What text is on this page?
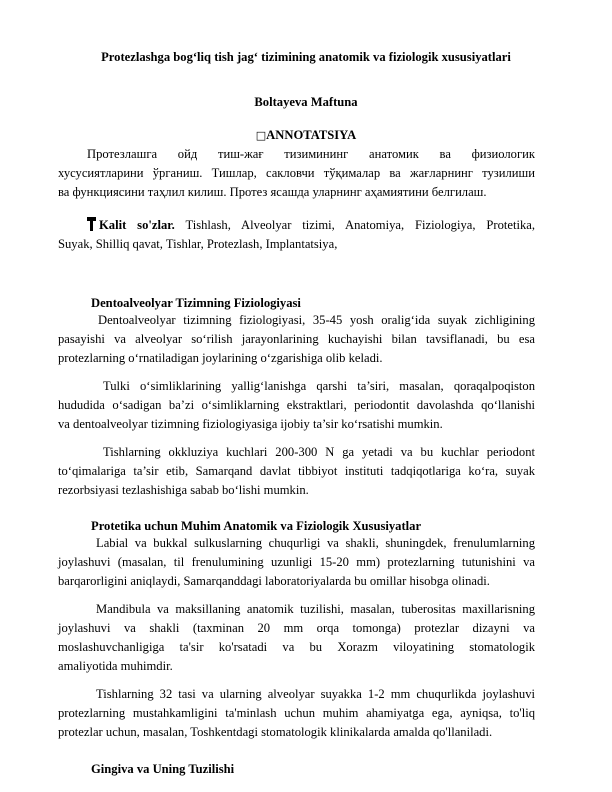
Protezlashga bog‘liq tish jag‘ tizimining anatomik va fiziologik xususiyatlari
Boltayeva Maftuna
□ANNOTATSIYA
Протезлашга ойд тиш-жағ тизимининг анатомик ва физиологик
хусусиятларини ўрганиш. Тишлар, сакловчи тўқималар ва жағларнинг тузилиши
ва функциясини таҳлил килиш. Протез ясашда уларнинг аҳамиятини белгилаш.
Kalit so'zlar. Tishlash, Alveolyar tizimi, Anatomiya, Fiziologiya, Protetika,
Suyak, Shilliq qavat, Tishlar, Protezlash, Implantatsiya,
Dentoalveolyar Tizimning Fiziologiyasi
Dentoalveolyar tizimning fiziologiyasi, 35-45 yosh oralig‘ida suyak zichligining
pasayishi va alveolyar so‘rilish jarayonlarining kuchayishi bilan tavsiflanadi, bu esa
protezlarning o‘rnatiladigan joylarining o‘zgarishiga olib keladi.
Tulki o‘simliklarining yallig‘lanishga qarshi ta’siri, masalan, qoraqalpoqiston
hududida o‘sadigan ba’zi o‘simliklarning ekstraktlari, periodontit davolashda qo‘llanishi
va dentoalveolyar tizimning fiziologiyasiga ijobiy ta’sir ko‘rsatishi mumkin.
Tishlarning okkluziya kuchlari 200-300 N ga yetadi va bu kuchlar periodont
to‘qimalariga ta’sir etib, Samarqand davlat tibbiyot instituti tadqiqotlariga ko‘ra, suyak
rezorbsiyasi tezlashishiga sabab bo‘lishi mumkin.
Protetika uchun Muhim Anatomik va Fiziologik Xususiyatlar
Labial va bukkal sulkuslarning chuqurligi va shakli, shuningdek, frenulumlarning
joylashuvi (masalan, til frenulumining uzunligi 15-20 mm) protezlarning tutunishini va
barqarorligini aniqlaydi, Samarqanddagi laboratoriyalarda bu omillar hisobga olinadi.
Mandibula va maksillaning anatomik tuzilishi, masalan, tuberositas maxillarisning
joylashuvi va shakli (taxminan 20 mm orqa tomonga) protezlar dizayni va
moslashuvchanligiga ta'sir ko'rsatadi va bu Xorazm viloyatining stomatologik
amaliyotida muhimdir.
Tishlarning 32 tasi va ularning alveolyar suyakka 1-2 mm chuqurlikda joylashuvi
protezlarning mustahkamligini ta'minlash uchun muhim ahamiyatga ega, ayniqsa, to'liq
protezlar uchun, masalan, Toshkentdagi stomatologik klinikalarda amalda qo'llaniladi.
Gingiva va Uning Tuzilishi
